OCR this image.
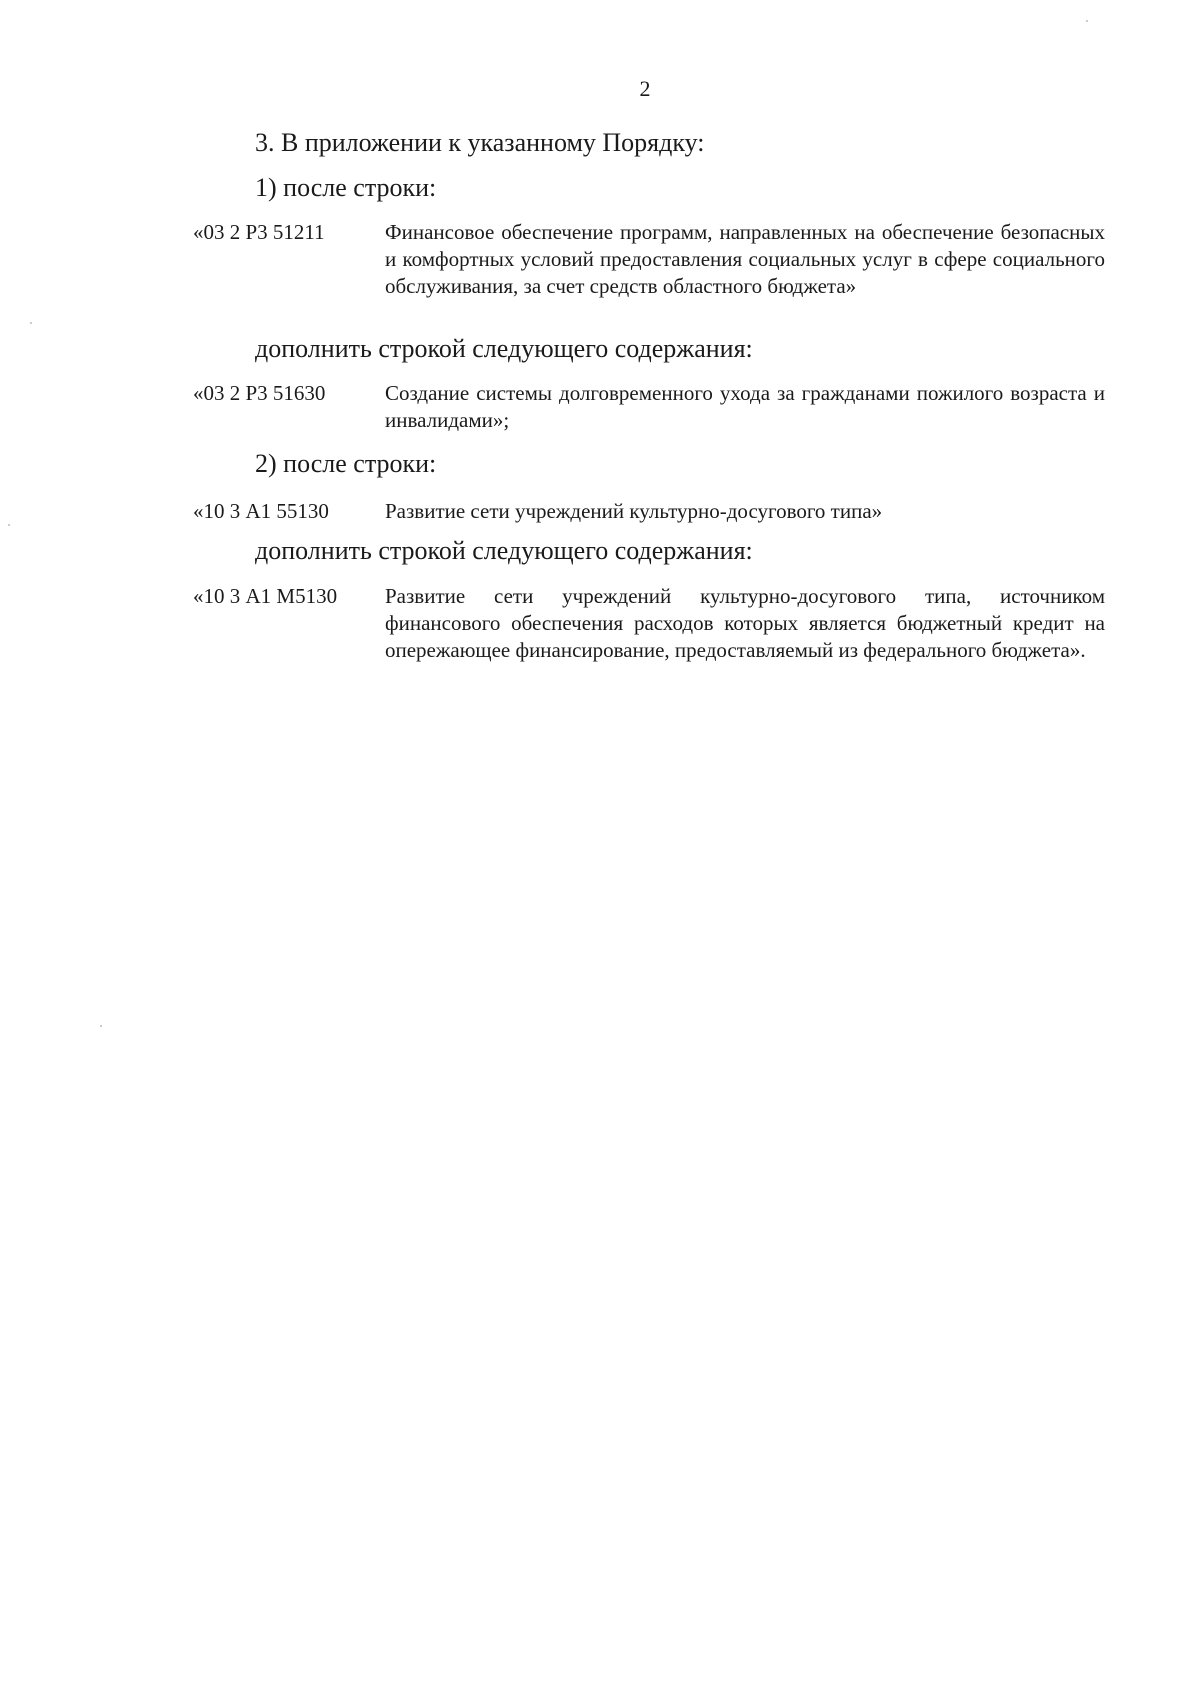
2
3. В приложении к указанному Порядку:
1) после строки:
«03 2 Р3 51211	Финансовое обеспечение программ, направленных на обеспечение безопасных и комфортных условий предоставления социальных услуг в сфере социального обслуживания, за счет средств областного бюджета»
дополнить строкой следующего содержания:
«03 2 Р3 51630	Создание системы долговременного ухода за гражданами пожилого возраста и инвалидами»;
2) после строки:
«10 3 А1 55130	Развитие сети учреждений культурно-досугового типа»
дополнить строкой следующего содержания:
«10 3 А1 М5130	Развитие сети учреждений культурно-досугового типа, источником финансового обеспечения расходов которых является бюджетный кредит на опережающее финансирование, предоставляемый из федерального бюджета».
